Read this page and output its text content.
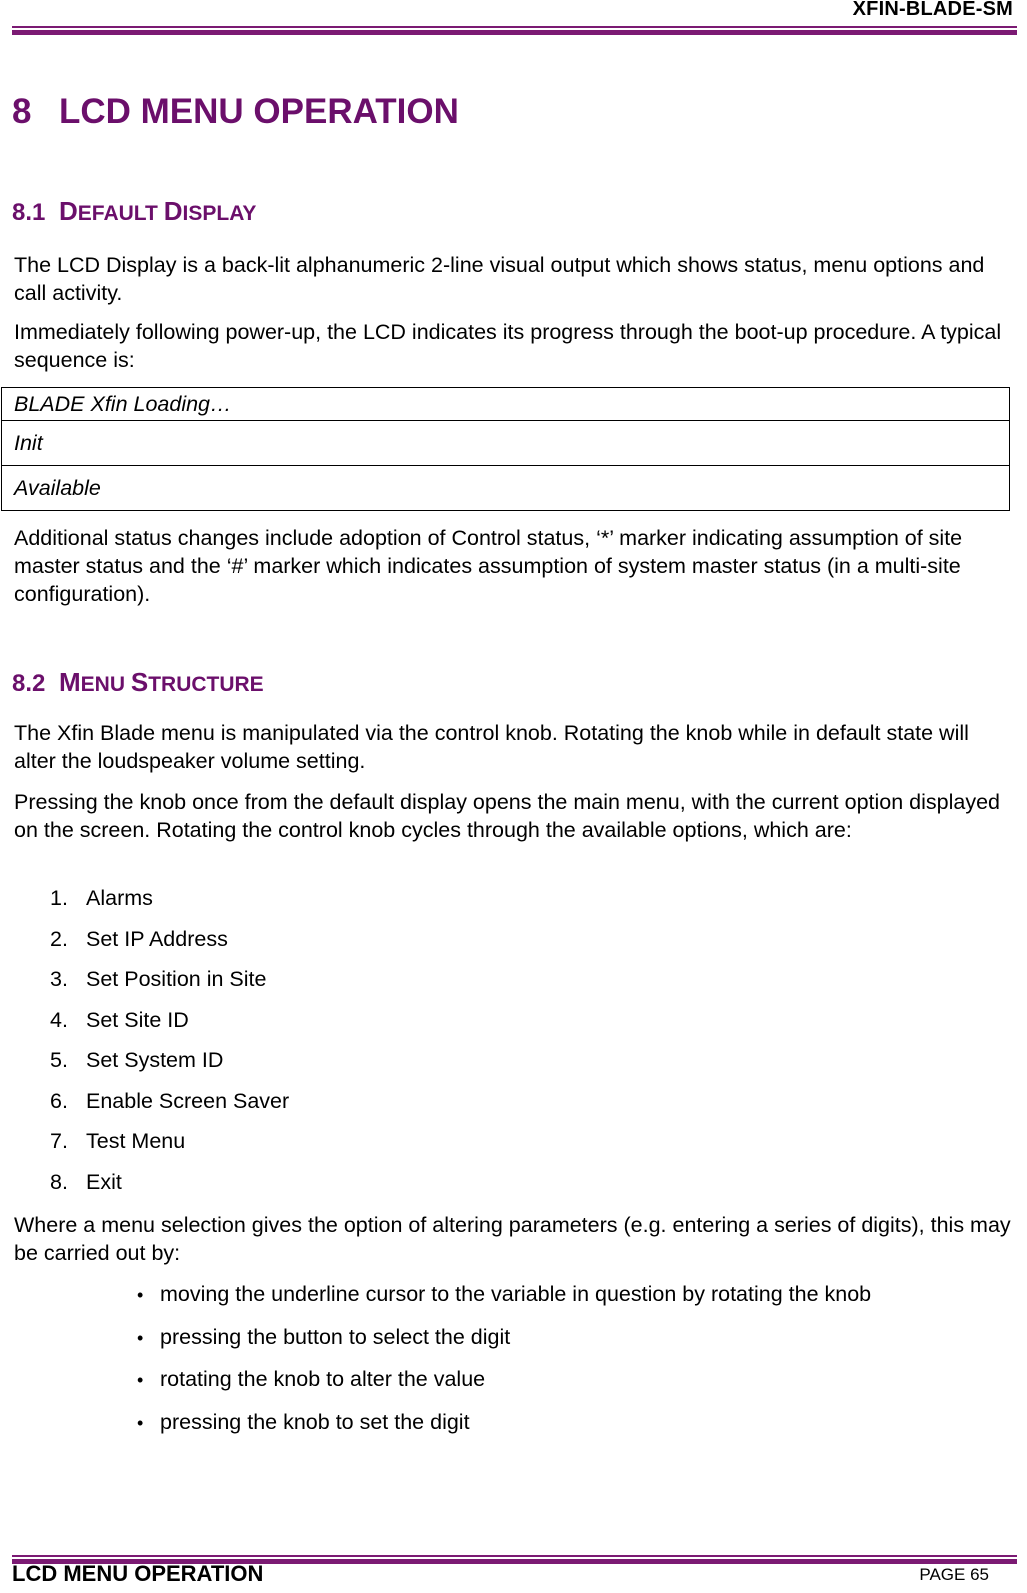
XFIN-BLADE-SM
8 LCD MENU OPERATION
8.1 DEFAULT DISPLAY
The LCD Display is a back-lit alphanumeric 2-line visual output which shows status, menu options and call activity.
Immediately following power-up, the LCD indicates its progress through the boot-up procedure. A typical sequence is:
BLADE Xfin Loading…
Init
Available
Additional status changes include adoption of Control status, ‘*’ marker indicating assumption of site master status and the ‘#’ marker which indicates assumption of system master status (in a multi-site configuration).
8.2 MENU STRUCTURE
The Xfin Blade menu is manipulated via the control knob. Rotating the knob while in default state will alter the loudspeaker volume setting.
Pressing the knob once from the default display opens the main menu, with the current option displayed on the screen. Rotating the control knob cycles through the available options, which are:
1. Alarms
2. Set IP Address
3. Set Position in Site
4. Set Site ID
5. Set System ID
6. Enable Screen Saver
7. Test Menu
8. Exit
Where a menu selection gives the option of altering parameters (e.g. entering a series of digits), this may be carried out by:
• moving the underline cursor to the variable in question by rotating the knob
• pressing the button to select the digit
• rotating the knob to alter the value
• pressing the knob to set the digit
LCD MENU OPERATION	PAGE 65
